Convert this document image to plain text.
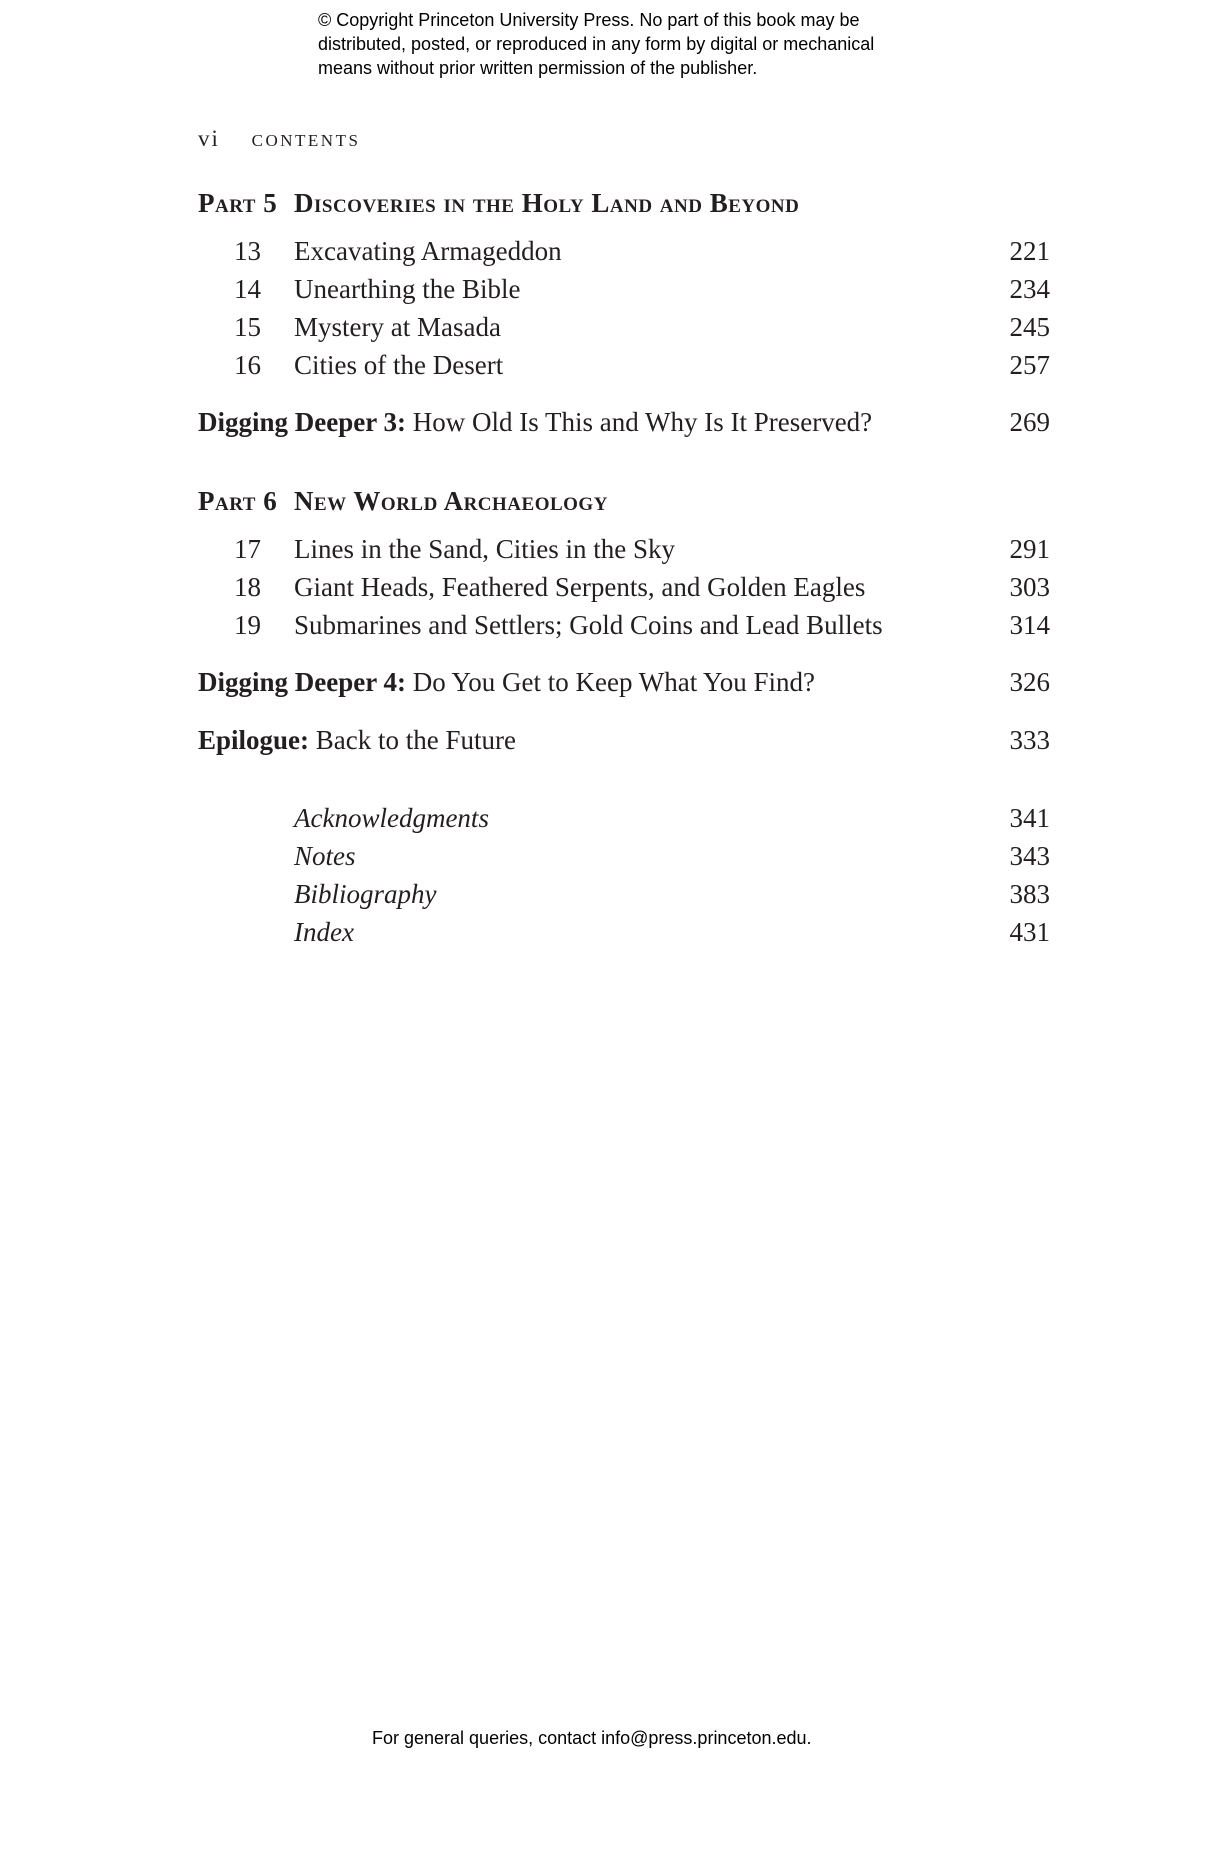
© Copyright Princeton University Press. No part of this book may be
distributed, posted, or reproduced in any form by digital or mechanical
means without prior written permission of the publisher.
vi CONTENTS
Part 5 Discoveries in the Holy Land and Beyond
13	Excavating Armageddon	221
14	Unearthing the Bible	234
15	Mystery at Masada	245
16	Cities of the Desert	257
Digging Deeper 3: How Old Is This and Why Is It Preserved?	269
Part 6 New World Archaeology
17	Lines in the Sand, Cities in the Sky	291
18	Giant Heads, Feathered Serpents, and Golden Eagles	303
19	Submarines and Settlers; Gold Coins and Lead Bullets	314
Digging Deeper 4: Do You Get to Keep What You Find?	326
Epilogue: Back to the Future	333
Acknowledgments	341
Notes	343
Bibliography	383
Index	431
For general queries, contact info@press.princeton.edu.
